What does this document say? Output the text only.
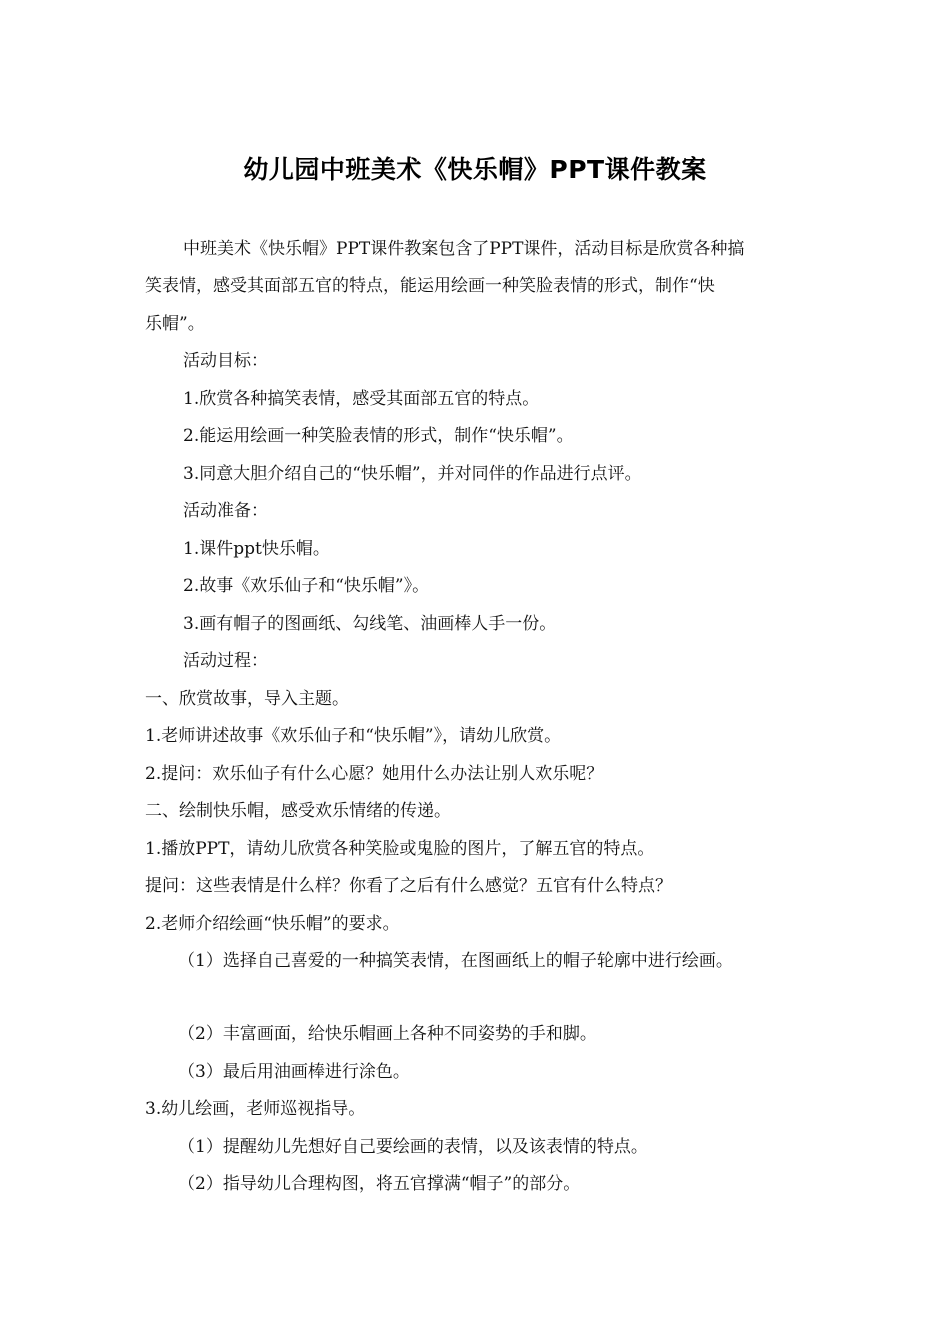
幼儿园中班美术《快乐帽》PPT课件教案
中班美术《快乐帽》PPT课件教案包含了PPT课件，活动目标是欣赏各种搞
笑表情，感受其面部五官的特点，能运用绘画一种笑脸表情的形式，制作“快
乐帽”。
活动目标：
1.欣赏各种搞笑表情，感受其面部五官的特点。
2.能运用绘画一种笑脸表情的形式，制作“快乐帽”。
3.同意大胆介绍自己的“快乐帽”，并对同伴的作品进行点评。
活动准备：
1.课件ppt快乐帽。
2.故事《欢乐仙子和“快乐帽”》。
3.画有帽子的图画纸、勾线笔、油画棒人手一份。
活动过程：
一、欣赏故事，导入主题。
1.老师讲述故事《欢乐仙子和“快乐帽”》，请幼儿欣赏。
2.提问：欢乐仙子有什么心愿？她用什么办法让别人欢乐呢？
二、绘制快乐帽，感受欢乐情绪的传递。
1.播放PPT，请幼儿欣赏各种笑脸或鬼脸的图片，了解五官的特点。
提问：这些表情是什么样？你看了之后有什么感觉？五官有什么特点？
2.老师介绍绘画“快乐帽”的要求。
（1）选择自己喜爱的一种搞笑表情，在图画纸上的帽子轮廓中进行绘画。
（2）丰富画面，给快乐帽画上各种不同姿势的手和脚。
（3）最后用油画棒进行涂色。
3.幼儿绘画，老师巡视指导。
（1）提醒幼儿先想好自己要绘画的表情，以及该表情的特点。
（2）指导幼儿合理构图，将五官撑满“帽子”的部分。
